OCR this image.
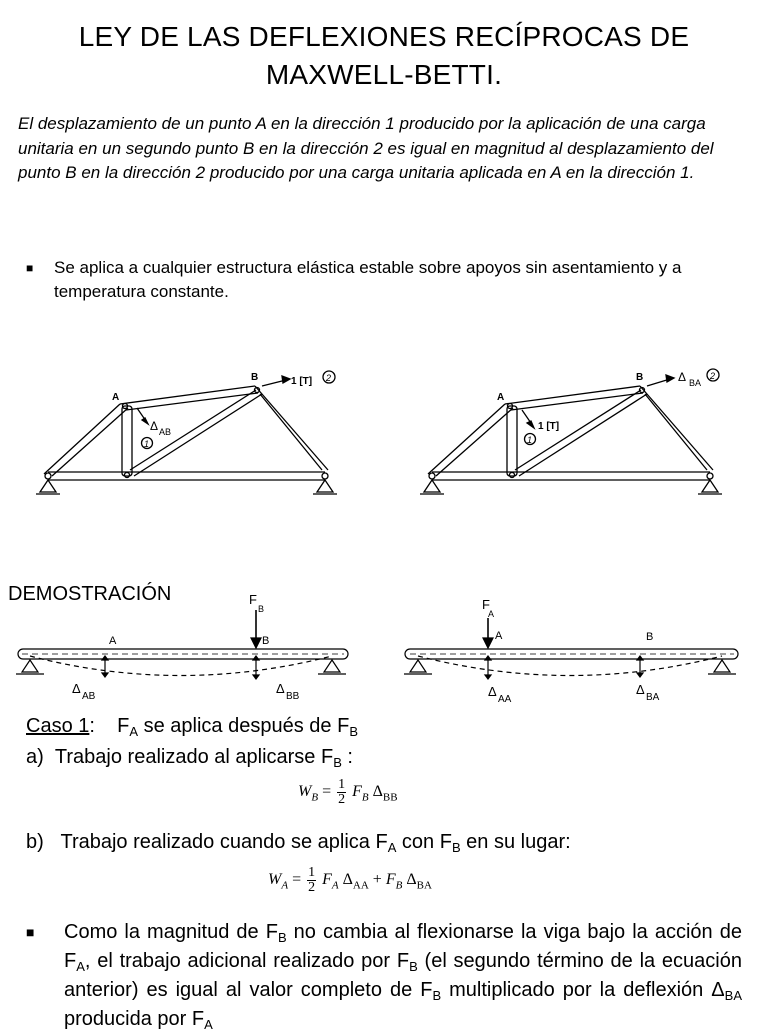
LEY DE LAS DEFLEXIONES RECÍPROCAS DE MAXWELL-BETTI.
El desplazamiento de un punto A en la dirección 1 producido por la aplicación de una carga unitaria en un segundo punto B en la dirección 2 es igual en magnitud al desplazamiento del punto B en la dirección 2 producido por una carga unitaria aplicada en A en la dirección 1.
■	Se aplica a cualquier estructura elástica estable sobre apoyos sin asentamiento y a temperatura constante.
A
B	1 [T]
1
2
Δ AB
A
B
1 [T]
1
2
Δ BA
DEMOSTRACIÓN	F
B
A	B
Δ
AB
Δ
BB
F
A
A	B
Δ
AA
Δ
BA
Caso 1: $F_A$ se aplica después de $F_B$
a) Trabajo realizado al aplicarse $F_B$ :
$W_B = \frac{1}{2} F_B$ $\Delta_{BB}$
b) Trabajo realizado cuando se aplica $F_A$ con $F_B$ en su lugar:
$W_A = \frac{1}{2} F_A$ $\Delta_{AA} + F_B$ $\Delta_{BA}$
■	Como la magnitud de $F_B$ no cambia al flexionarse la viga bajo la acción de $F_A$, el trabajo adicional realizado por $F_B$ (el segundo término de la ecuación anterior) es igual al valor completo de $F_B$ multiplicado por la deflexión $\Delta_{BA}$ producida por $F_A$
